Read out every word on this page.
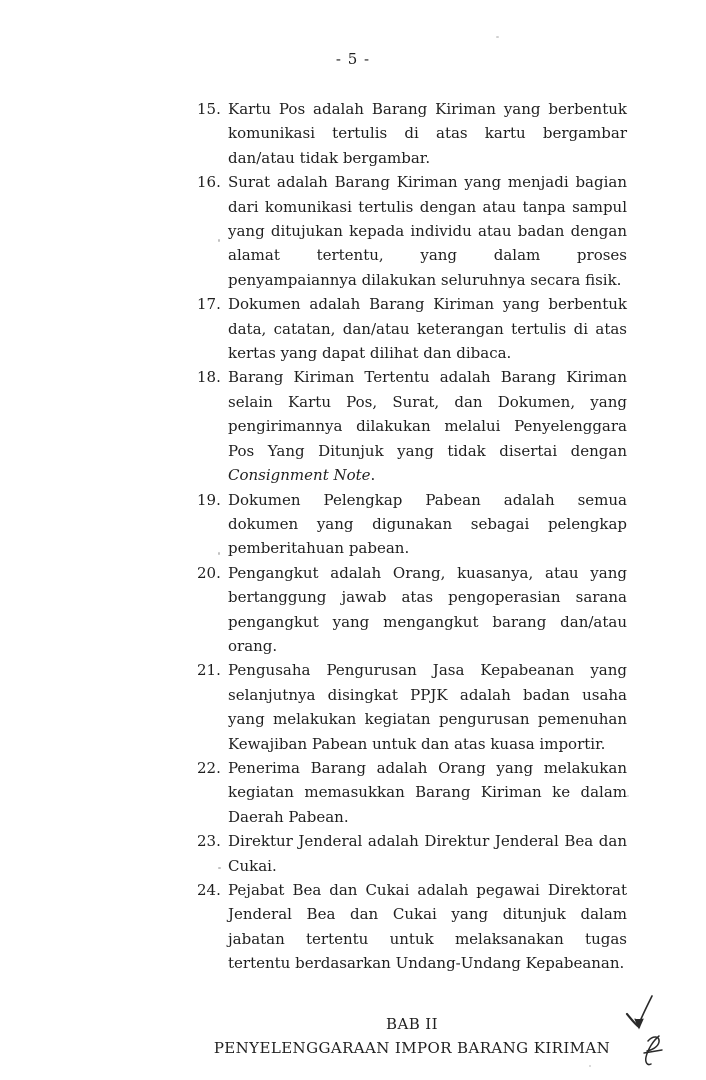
- 5 -
15. Kartu Pos adalah Barang Kiriman yang berbentuk komunikasi tertulis di atas kartu bergambar dan/atau tidak bergambar.
16. Surat adalah Barang Kiriman yang menjadi bagian dari komunikasi tertulis dengan atau tanpa sampul yang ditujukan kepada individu atau badan dengan alamat tertentu, yang dalam proses penyampaiannya dilakukan seluruhnya secara fisik.
17. Dokumen adalah Barang Kiriman yang berbentuk data, catatan, dan/atau keterangan tertulis di atas kertas yang dapat dilihat dan dibaca.
18. Barang Kiriman Tertentu adalah Barang Kiriman selain Kartu Pos, Surat, dan Dokumen, yang pengirimannya dilakukan melalui Penyelenggara Pos Yang Ditunjuk yang tidak disertai dengan Consignment Note.
19. Dokumen Pelengkap Pabean adalah semua dokumen yang digunakan sebagai pelengkap pemberitahuan pabean.
20. Pengangkut adalah Orang, kuasanya, atau yang bertanggung jawab atas pengoperasian sarana pengangkut yang mengangkut barang dan/atau orang.
21. Pengusaha Pengurusan Jasa Kepabeanan yang selanjutnya disingkat PPJK adalah badan usaha yang melakukan kegiatan pengurusan pemenuhan Kewajiban Pabean untuk dan atas kuasa importir.
22. Penerima Barang adalah Orang yang melakukan kegiatan memasukkan Barang Kiriman ke dalam Daerah Pabean.
23. Direktur Jenderal adalah Direktur Jenderal Bea dan Cukai.
24. Pejabat Bea dan Cukai adalah pegawai Direktorat Jenderal Bea dan Cukai yang ditunjuk dalam jabatan tertentu untuk melaksanakan tugas tertentu berdasarkan Undang-Undang Kepabeanan.
BAB II
PENYELENGGARAAN IMPOR BARANG KIRIMAN
